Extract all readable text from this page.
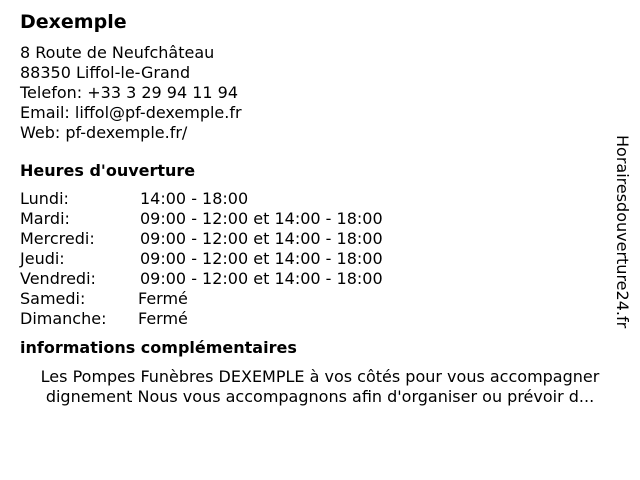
Dexemple
8 Route de Neufchâteau
88350 Liffol-le-Grand
Telefon: +33 3 29 94 11 94
Email: liffol@pf-dexemple.fr
Web: pf-dexemple.fr/
Heures d'ouverture
Lundi:	14:00 - 18:00
Mardi:	09:00 - 12:00 et 14:00 - 18:00
Mercredi:	09:00 - 12:00 et 14:00 - 18:00
Jeudi:	09:00 - 12:00 et 14:00 - 18:00
Vendredi:	09:00 - 12:00 et 14:00 - 18:00
Samedi:	Fermé
Dimanche: Fermé
informations complémentaires
Les Pompes Funèbres DEXEMPLE à vos côtés pour vous accompagner
dignement Nous vous accompagnons afin d'organiser ou prévoir d...
Horairesdouverture24.fr
